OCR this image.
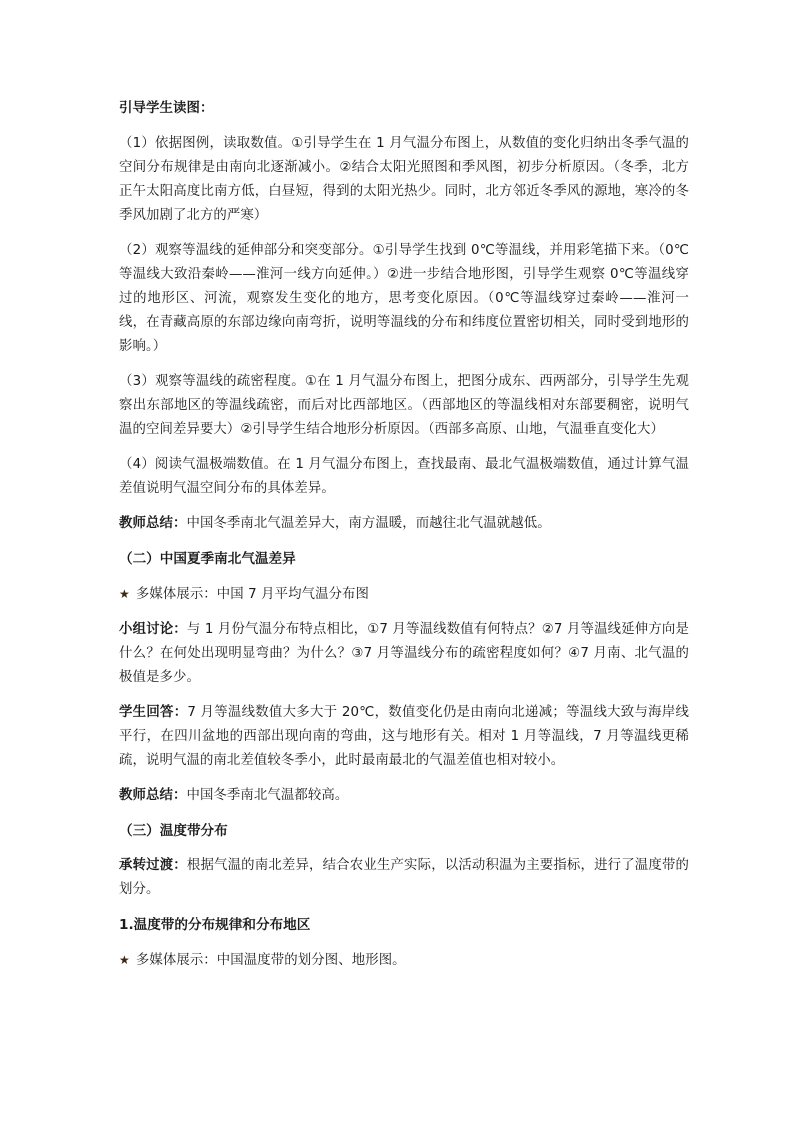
引导学生读图：

（1）依据图例，读取数值。①引导学生在 1 月气温分布图上，从数值的变化归纳出冬季气温的空间分布规律是由南向北逐渐减小。②结合太阳光照图和季风图，初步分析原因。（冬季，北方正午太阳高度比南方低，白昼短，得到的太阳光热少。同时，北方邻近冬季风的源地，寒冷的冬季风加剧了北方的严寒）

（2）观察等温线的延伸部分和突变部分。①引导学生找到 0℃等温线，并用彩笔描下来。（0℃等温线大致沿秦岭——淮河一线方向延伸。）②进一步结合地形图，引导学生观察 0℃等温线穿过的地形区、河流，观察发生变化的地方，思考变化原因。（0℃等温线穿过秦岭——淮河一线，在青藏高原的东部边缘向南弯折，说明等温线的分布和纬度位置密切相关，同时受到地形的影响。）

（3）观察等温线的疏密程度。①在 1 月气温分布图上，把图分成东、西两部分，引导学生先观察出东部地区的等温线疏密，而后对比西部地区。（西部地区的等温线相对东部要稠密，说明气温的空间差异要大）②引导学生结合地形分析原因。（西部多高原、山地，气温垂直变化大）

（4）阅读气温极端数值。在 1 月气温分布图上，查找最南、最北气温极端数值，通过计算气温差值说明气温空间分布的具体差异。

教师总结：中国冬季南北气温差异大，南方温暖，而越往北气温就越低。

（二）中国夏季南北气温差异

★ 多媒体展示：中国 7 月平均气温分布图

小组讨论：与 1 月份气温分布特点相比，①7 月等温线数值有何特点？②7 月等温线延伸方向是什么？在何处出现明显弯曲？为什么？③7 月等温线分布的疏密程度如何？④7 月南、北气温的极值是多少。

学生回答：7 月等温线数值大多大于 20℃，数值变化仍是由南向北递减；等温线大致与海岸线平行，在四川盆地的西部出现向南的弯曲，这与地形有关。相对 1 月等温线，7 月等温线更稀疏，说明气温的南北差值较冬季小，此时最南最北的气温差值也相对较小。

教师总结：中国冬季南北气温都较高。

（三）温度带分布

承转过渡：根据气温的南北差异，结合农业生产实际，以活动积温为主要指标，进行了温度带的划分。

1.温度带的分布规律和分布地区

★ 多媒体展示：中国温度带的划分图、地形图。
